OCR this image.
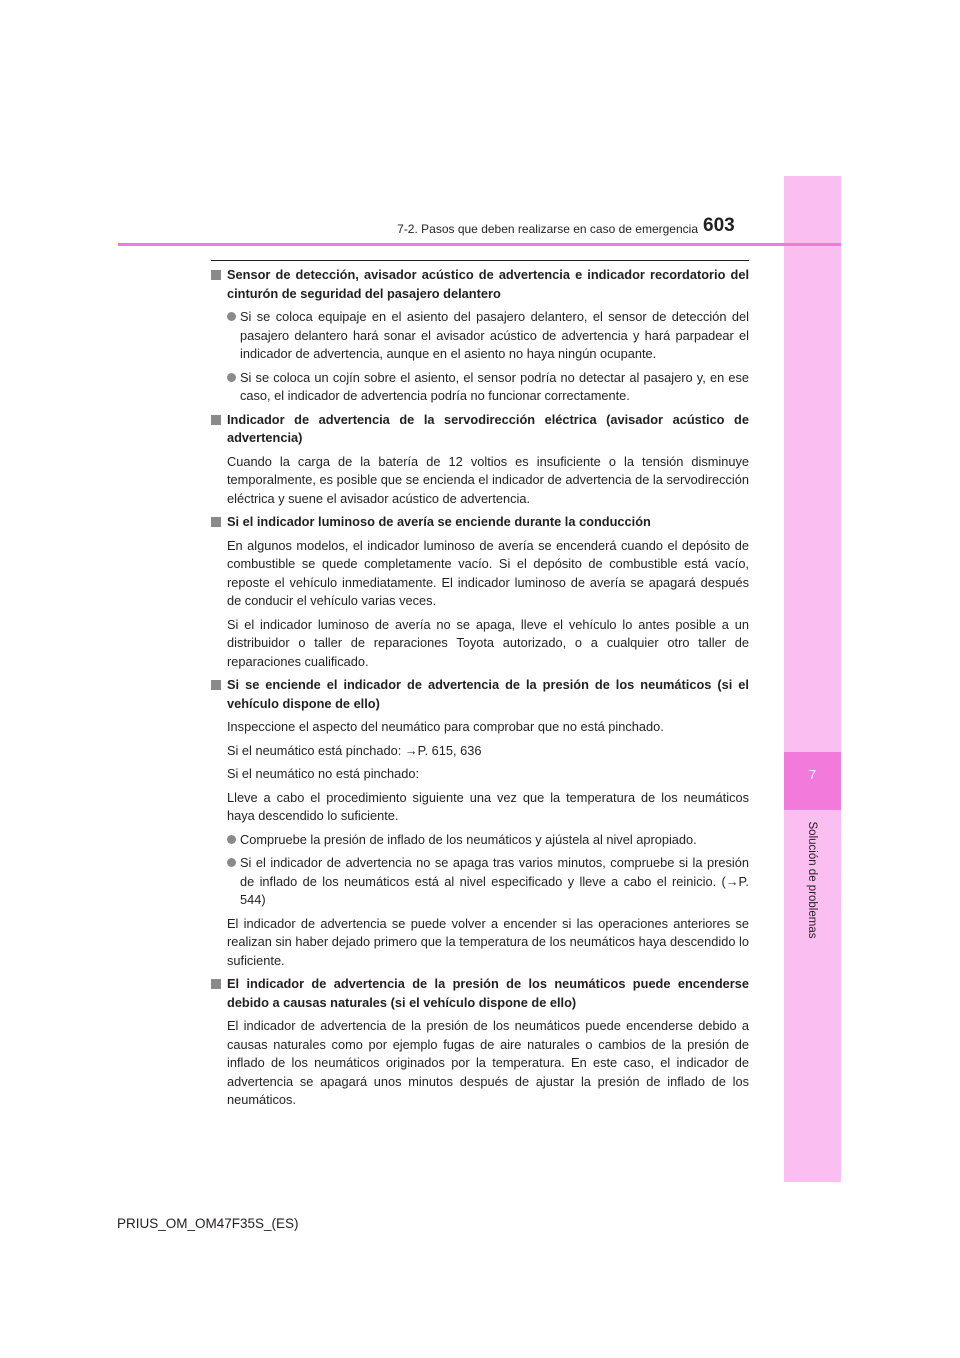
7
Solución de problemas
7-2. Pasos que deben realizarse en caso de emergencia 603
Sensor de detección, avisador acústico de advertencia e indicador recordatorio del cinturón de seguridad del pasajero delantero
Si se coloca equipaje en el asiento del pasajero delantero, el sensor de detección del pasajero delantero hará sonar el avisador acústico de advertencia y hará parpadear el indicador de advertencia, aunque en el asiento no haya ningún ocupante.
Si se coloca un cojín sobre el asiento, el sensor podría no detectar al pasajero y, en ese caso, el indicador de advertencia podría no funcionar correctamente.
Indicador de advertencia de la servodirección eléctrica (avisador acústico de advertencia)

Cuando la carga de la batería de 12 voltios es insuficiente o la tensión disminuye temporalmente, es posible que se encienda el indicador de advertencia de la servodirección eléctrica y suene el avisador acústico de advertencia.

Si el indicador luminoso de avería se enciende durante la conducción

En algunos modelos, el indicador luminoso de avería se encenderá cuando el depósito de combustible se quede completamente vacío. Si el depósito de combustible está vacío, reposte el vehículo inmediatamente. El indicador luminoso de avería se apagará después de conducir el vehículo varias veces.

Si el indicador luminoso de avería no se apaga, lleve el vehículo lo antes posible a un distribuidor o taller de reparaciones Toyota autorizado, o a cualquier otro taller de reparaciones cualificado.

Si se enciende el indicador de advertencia de la presión de los neumáticos (si el vehículo dispone de ello)

Inspeccione el aspecto del neumático para comprobar que no está pinchado.

Si el neumático está pinchado: →P. 615, 636

Si el neumático no está pinchado:

Lleve a cabo el procedimiento siguiente una vez que la temperatura de los neumáticos haya descendido lo suficiente.

Compruebe la presión de inflado de los neumáticos y ajústela al nivel apropiado.
Si el indicador de advertencia no se apaga tras varios minutos, compruebe si la presión de inflado de los neumáticos está al nivel especificado y lleve a cabo el reinicio. (→P. 544)

El indicador de advertencia se puede volver a encender si las operaciones anteriores se realizan sin haber dejado primero que la temperatura de los neumáticos haya descendido lo suficiente.

El indicador de advertencia de la presión de los neumáticos puede encenderse debido a causas naturales (si el vehículo dispone de ello)

El indicador de advertencia de la presión de los neumáticos puede encenderse debido a causas naturales como por ejemplo fugas de aire naturales o cambios de la presión de inflado de los neumáticos originados por la temperatura. En este caso, el indicador de advertencia se apagará unos minutos después de ajustar la presión de inflado de los neumáticos.

PRIUS_OM_OM47F35S_(ES)
